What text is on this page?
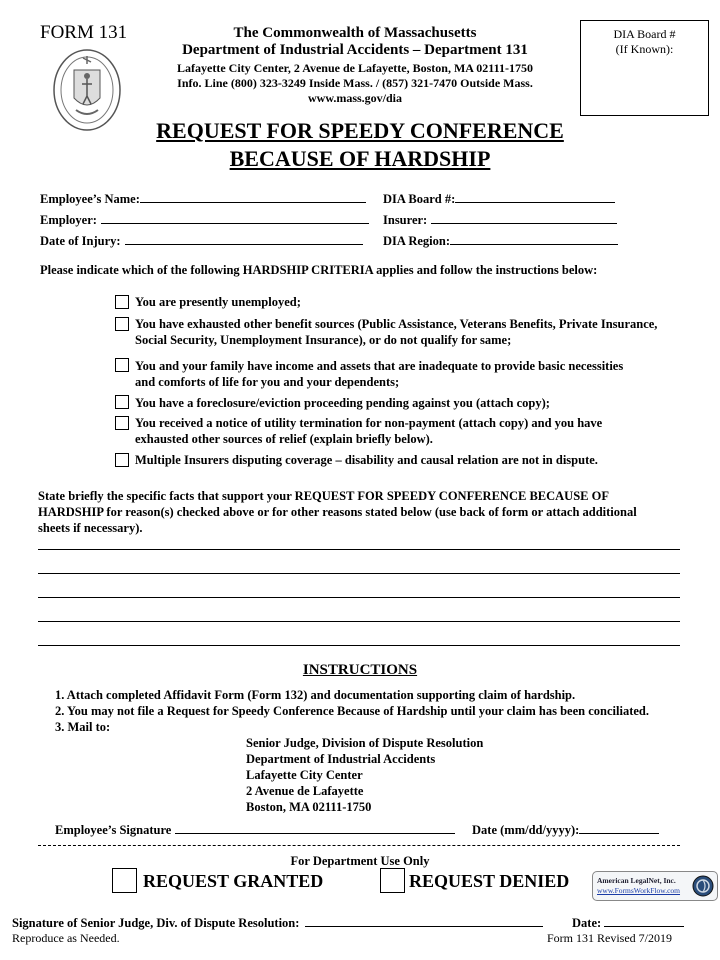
FORM 131	The Commonwealth of Massachusetts
Department of Industrial Accidents – Department 131
Lafayette City Center, 2 Avenue de Lafayette, Boston, MA 02111-1750
Info. Line (800) 323-3249 Inside Mass. / (857) 321-7470 Outside Mass.
www.mass.gov/dia
DIA Board #
(If Known):
REQUEST FOR SPEEDY CONFERENCE
BECAUSE OF HARDSHIP
Employee’s Name:	DIA Board #:
Employer:	Insurer:
Date of Injury:	DIA Region:
Please indicate which of the following HARDSHIP CRITERIA applies and follow the instructions below:
You are presently unemployed;
You have exhausted other benefit sources (Public Assistance, Veterans Benefits, Private Insurance,
Social Security, Unemployment Insurance), or do not qualify for same;
You and your family have income and assets that are inadequate to provide basic necessities
and comforts of life for you and your dependents;
You have a foreclosure/eviction proceeding pending against you (attach copy);
You received a notice of utility termination for non-payment (attach copy) and you have
exhausted other sources of relief (explain briefly below).
Multiple Insurers disputing coverage – disability and causal relation are not in dispute.
State briefly the specific facts that support your REQUEST FOR SPEEDY CONFERENCE BECAUSE OF
HARDSHIP for reason(s) checked above or for other reasons stated below (use back of form or attach additional
sheets if necessary).
INSTRUCTIONS
1. Attach completed Affidavit Form (Form 132) and documentation supporting claim of hardship.
2. You may not file a Request for Speedy Conference Because of Hardship until your claim has been conciliated.
3. Mail to:
Senior Judge, Division of Dispute Resolution
Department of Industrial Accidents
Lafayette City Center
2 Avenue de Lafayette
Boston, MA 02111-1750
Employee’s Signature	Date (mm/dd/yyyy):
For Department Use Only
REQUEST GRANTED	REQUEST DENIED	American LegalNet, Inc.
www.FormsWorkFlow.com
Signature of Senior Judge, Div. of Dispute Resolution:	Date:
Reproduce as Needed.	Form 131 Revised 7/2019
